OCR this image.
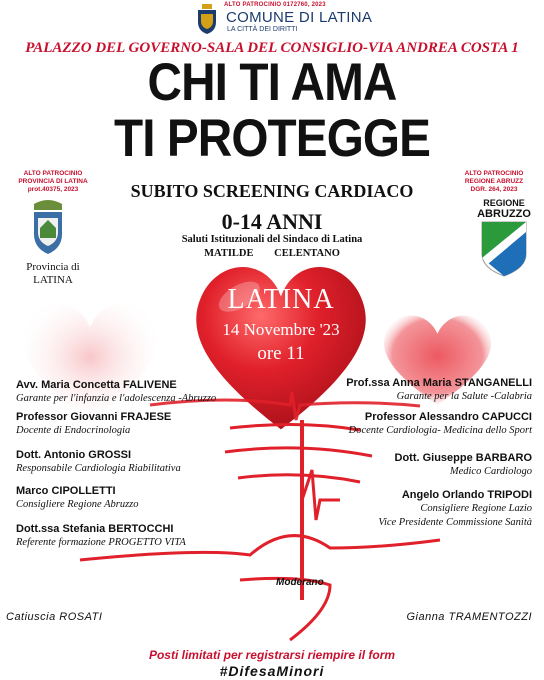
ALTO PATROCINIO 0172760, 2023
COMUNE DI LATINA
LA CITTÀ DEI DIRITTI
PALAZZO DEL GOVERNO-SALA DEL CONSIGLIO-VIA ANDREA COSTA 1
CHI TI AMA
TI PROTEGGE
SUBITO SCREENING CARDIACO
0-14 ANNI
Saluti Istituzionali del Sindaco di Latina
MATILDE CELENTANO
ALTO PATROCINIO
PROVINCIA DI LATINA
prot.40375, 2023
Provincia di
LATINA
ALTO PATROCINIO
REGIONE ABRUZZ
DGR. 264, 2023
REGIONE
ABRUZZO
LATINA
14 Novembre '23
ore 11
Avv. Maria Concetta FALIVENE
Garante per l'infanzia e l'adolescenza -Abruzzo
Professor Giovanni FRAJESE
Docente di Endocrinologia
Dott. Antonio GROSSI
Responsabile Cardiologia Riabilitativa
Marco CIPOLLETTI
Consigliere Regione Abruzzo
Dott.ssa Stefania BERTOCCHI
Referente formazione PROGETTO VITA
Prof.ssa Anna Maria STANGANELLI
Garante per la Salute -Calabria
Professor Alessandro CAPUCCI
Docente Cardiologia- Medicina dello Sport
Dott. Giuseppe BARBARO
Medico Cardiologo
Angelo Orlando TRIPODI
Consigliere Regione Lazio
Vice Presidente Commissione Sanità
Moderano
Catiuscia ROSATI	Gianna TRAMENTOZZI
Posti limitati per registrarsi riempire il form
#DifesaMinori
